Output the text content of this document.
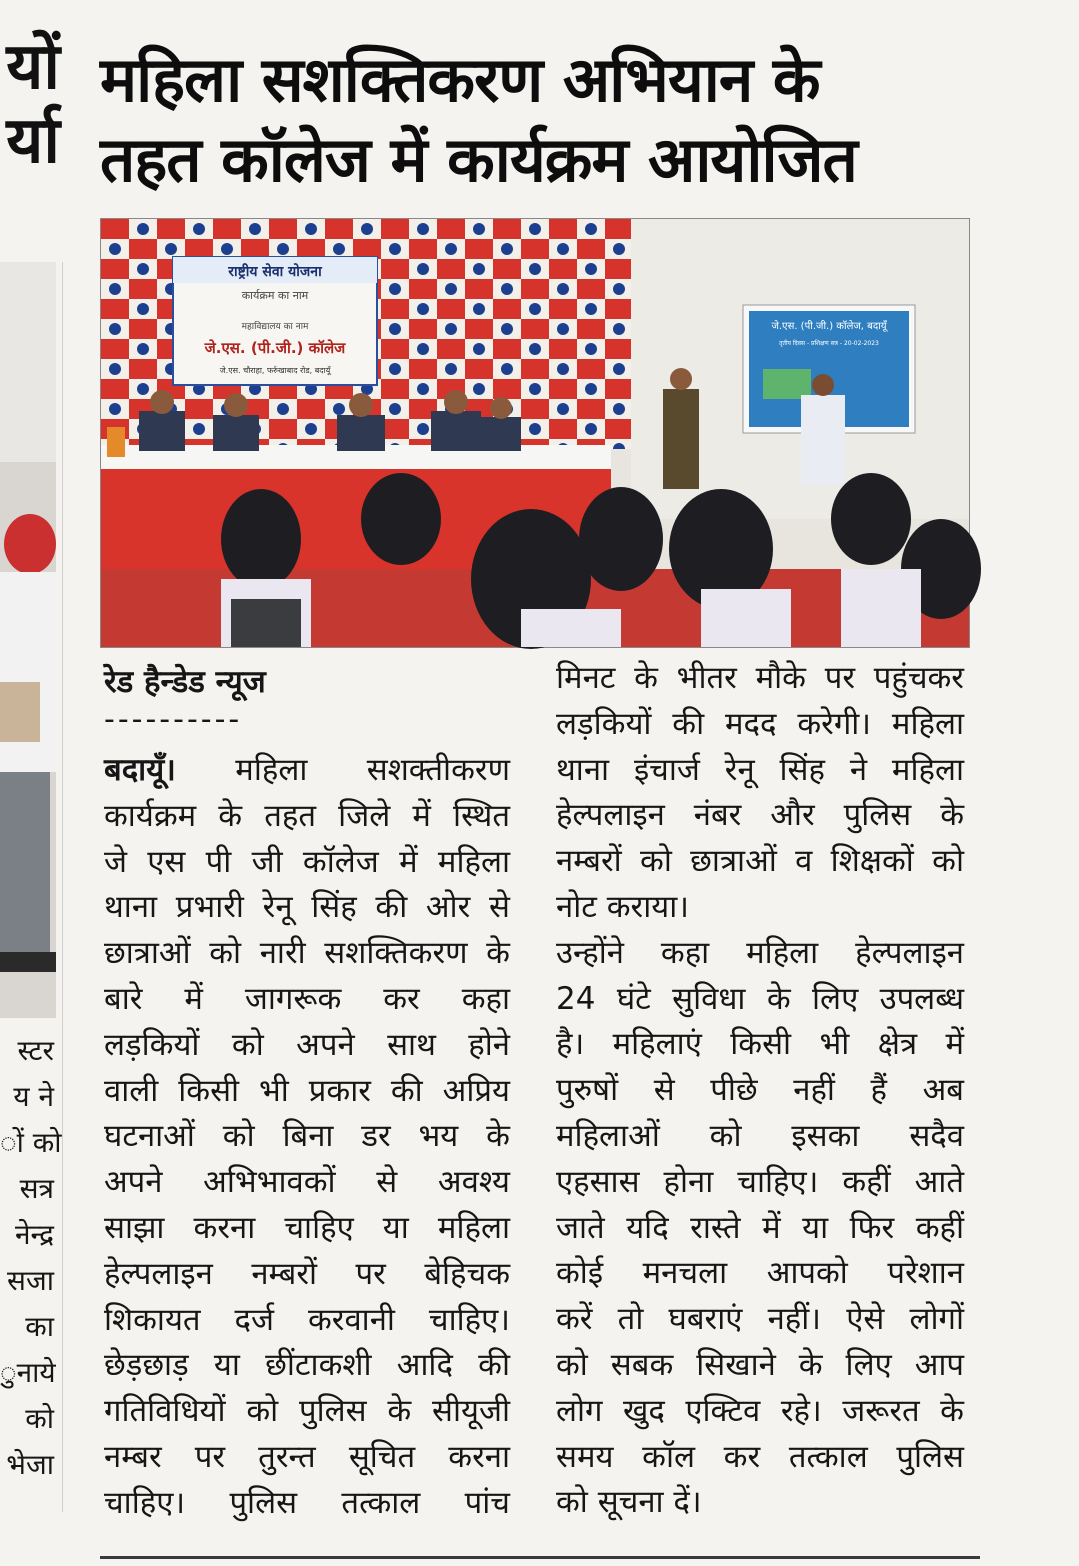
यों
र्या
स्टर
य ने
ों को
सत्र
नेन्द्र
सजा
का
ुनाये
को
भेजा
महिला सशक्तिकरण अभियान के
तहत कॉलेज में कार्यक्रम आयोजित
राष्ट्रीय सेवा योजना
कार्यक्रम का नाम
महाविद्यालय का नाम
जे.एस. (पी.जी.) कॉलेज
जे.एस. चौराहा, फर्रुखाबाद रोड, बदायूँ
जे.एस. (पी.जी.) कॉलेज, बदायूँ
तृतीय दिवस - प्रशिक्षण सत्र - 20-02-2023
रेड हैन्डेड न्यूज
----------
बदायूँ। महिला सशक्तीकरण
कार्यक्रम के तहत जिले में स्थित
जे एस पी जी कॉलेज में महिला
थाना प्रभारी रेनू सिंह की ओर से
छात्राओं को नारी सशक्तिकरण के
बारे में जागरूक कर कहा
लड़कियों को अपने साथ होने
वाली किसी भी प्रकार की अप्रिय
घटनाओं को बिना डर भय के
अपने अभिभावकों से अवश्य
साझा करना चाहिए या महिला
हेल्पलाइन नम्बरों पर बेहिचक
शिकायत दर्ज करवानी चाहिए।
छेड़छाड़ या छींटाकशी आदि की
गतिविधियों को पुलिस के सीयूजी
नम्बर पर तुरन्त सूचित करना
चाहिए। पुलिस तत्काल पांच
मिनट के भीतर मौके पर पहुंचकर
लड़कियों की मदद करेगी। महिला
थाना इंचार्ज रेनू सिंह ने महिला
हेल्पलाइन नंबर और पुलिस के
नम्बरों को छात्राओं व शिक्षकों को
नोट कराया।
उन्होंने कहा महिला हेल्पलाइन
24 घंटे सुविधा के लिए उपलब्ध
है। महिलाएं किसी भी क्षेत्र में
पुरुषों से पीछे नहीं हैं अब
महिलाओं को इसका सदैव
एहसास होना चाहिए। कहीं आते
जाते यदि रास्ते में या फिर कहीं
कोई मनचला आपको परेशान
करें तो घबराएं नहीं। ऐसे लोगों
को सबक सिखाने के लिए आप
लोग खुद एक्टिव रहे। जरूरत के
समय कॉल कर तत्काल पुलिस
को सूचना दें।
